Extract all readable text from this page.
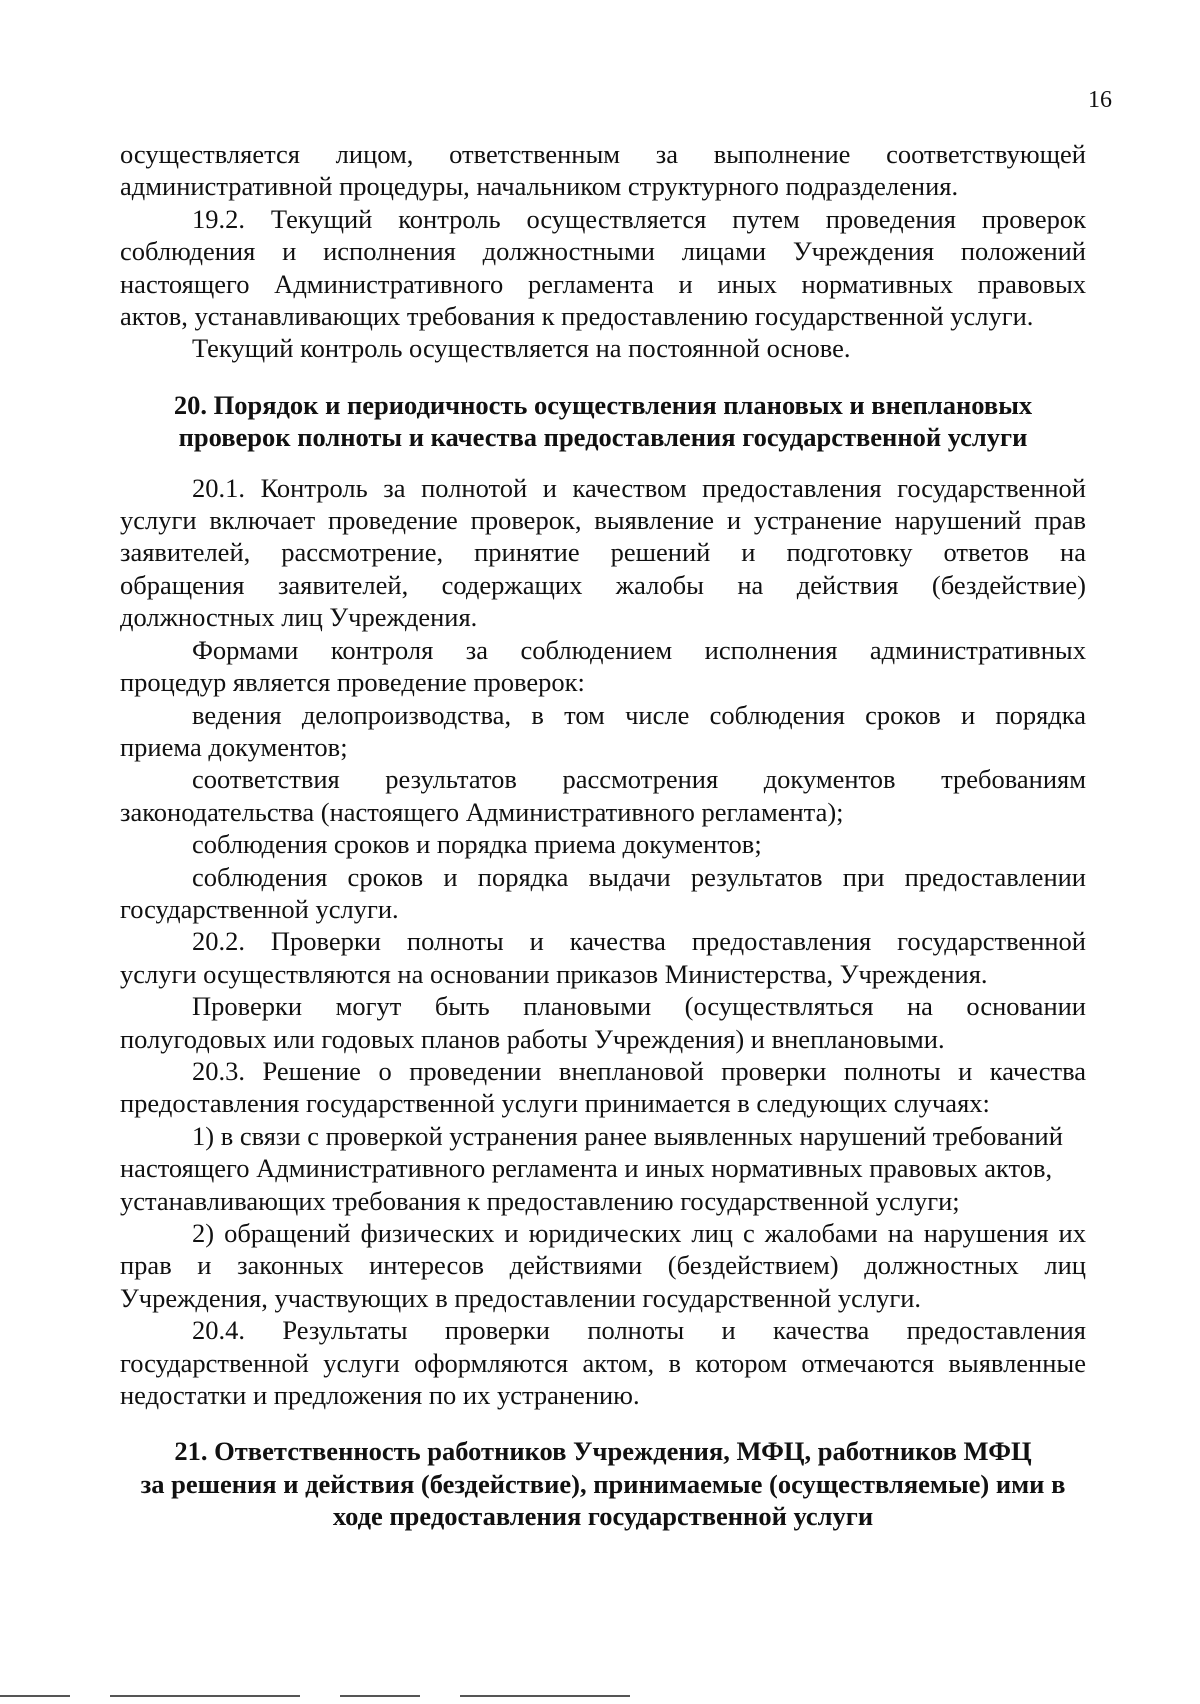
16
осуществляется лицом, ответственным за выполнение соответствующей
административной процедуры, начальником структурного подразделения.
19.2. Текущий контроль осуществляется путем проведения проверок
соблюдения и исполнения должностными лицами Учреждения положений
настоящего Административного регламента и иных нормативных правовых
актов, устанавливающих требования к предоставлению государственной услуги.
Текущий контроль осуществляется на постоянной основе.
20. Порядок и периодичность осуществления плановых и внеплановых
проверок полноты и качества предоставления государственной услуги
20.1. Контроль за полнотой и качеством предоставления государственной
услуги включает проведение проверок, выявление и устранение нарушений прав
заявителей, рассмотрение, принятие решений и подготовку ответов на
обращения заявителей, содержащих жалобы на действия (бездействие)
должностных лиц Учреждения.
Формами контроля за соблюдением исполнения административных
процедур является проведение проверок:
ведения делопроизводства, в том числе соблюдения сроков и порядка
приема документов;
соответствия результатов рассмотрения документов требованиям
законодательства (настоящего Административного регламента);
соблюдения сроков и порядка приема документов;
соблюдения сроков и порядка выдачи результатов при предоставлении
государственной услуги.
20.2. Проверки полноты и качества предоставления государственной
услуги осуществляются на основании приказов Министерства, Учреждения.
Проверки могут быть плановыми (осуществляться на основании
полугодовых или годовых планов работы Учреждения) и внеплановыми.
20.3. Решение о проведении внеплановой проверки полноты и качества
предоставления государственной услуги принимается в следующих случаях:
1) в связи с проверкой устранения ранее выявленных нарушений требований
настоящего Административного регламента и иных нормативных правовых актов,
устанавливающих требования к предоставлению государственной услуги;
2) обращений физических и юридических лиц с жалобами на нарушения их
прав и законных интересов действиями (бездействием) должностных лиц
Учреждения, участвующих в предоставлении государственной услуги.
20.4. Результаты проверки полноты и качества предоставления
государственной услуги оформляются актом, в котором отмечаются выявленные
недостатки и предложения по их устранению.
21. Ответственность работников Учреждения, МФЦ, работников МФЦ
за решения и действия (бездействие), принимаемые (осуществляемые) ими в
ходе предоставления государственной услуги
